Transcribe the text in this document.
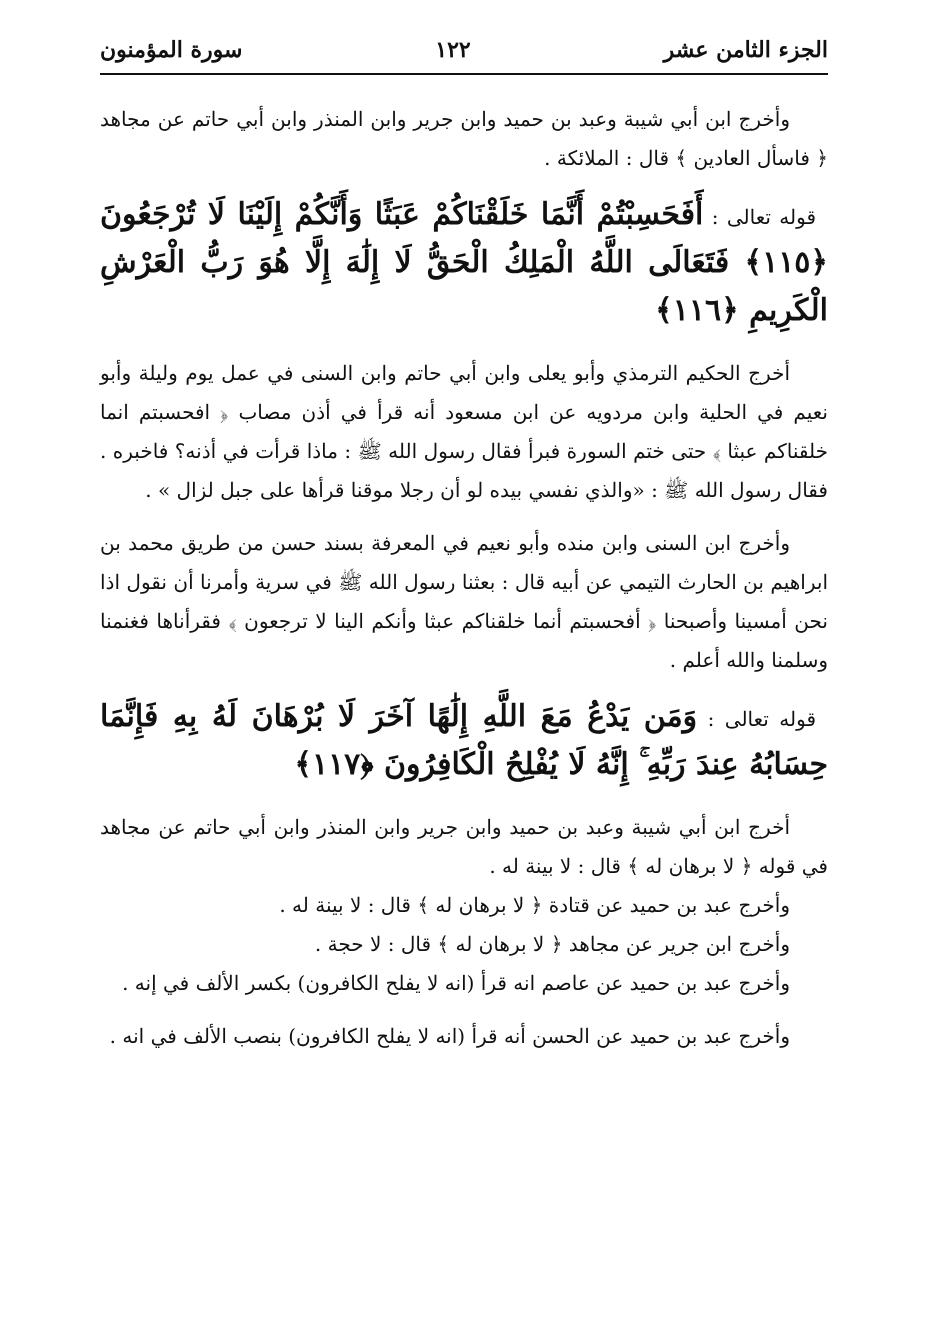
الجزء الثامن عشر
١٢٢
سورة المؤمنون

وأخرج ابن أبي شيبة وعبد بن حميد وابن جرير وابن المنذر وابن أبي حاتم عن مجاهد ﴿ فاسأل العادين ﴾ قال : الملائكة .

قوله تعالى : أَفَحَسِبْتُمْ أَنَّمَا خَلَقْنَاكُمْ عَبَثًا وَأَنَّكُمْ إِلَيْنَا لَا تُرْجَعُونَ ﴿١١٥﴾ فَتَعَالَى اللَّهُ الْمَلِكُ الْحَقُّ لَا إِلَٰهَ إِلَّا هُوَ رَبُّ الْعَرْشِ الْكَرِيمِ ﴿١١٦﴾

أخرج الحكيم الترمذي وأبو يعلى وابن أبي حاتم وابن السنى في عمل يوم وليلة وأبو نعيم في الحلية وابن مردويه عن ابن مسعود أنه قرأ في أذن مصاب ﴿ افحسبتم انما خلقناكم عبثا ﴾ حتى ختم السورة فبرأ فقال رسول الله ﷺ : ماذا قرأت في أذنه؟ فاخبره . فقال رسول الله ﷺ : «والذي نفسي بيده لو أن رجلا موقنا قرأها على جبل لزال » .

وأخرج ابن السنى وابن منده وأبو نعيم في المعرفة بسند حسن من طريق محمد بن ابراهيم بن الحارث التيمي عن أبيه قال : بعثنا رسول الله ﷺ في سرية وأمرنا أن نقول اذا نحن أمسينا وأصبحنا ﴿ أفحسبتم أنما خلقناكم عبثا وأنكم الينا لا ترجعون ﴾ فقرأناها فغنمنا وسلمنا والله أعلم .

قوله تعالى : وَمَن يَدْعُ مَعَ اللَّهِ إِلَٰهًا آخَرَ لَا بُرْهَانَ لَهُ بِهِ فَإِنَّمَا حِسَابُهُ عِندَ رَبِّهِ ۚ إِنَّهُ لَا يُفْلِحُ الْكَافِرُونَ ﴿١١٧﴾

أخرج ابن أبي شيبة وعبد بن حميد وابن جرير وابن المنذر وابن أبي حاتم عن مجاهد في قوله ﴿ لا برهان له ﴾ قال : لا بينة له .

وأخرج عبد بن حميد عن قتادة ﴿ لا برهان له ﴾ قال : لا بينة له .

وأخرج ابن جرير عن مجاهد ﴿ لا برهان له ﴾ قال : لا حجة .

وأخرج عبد بن حميد عن عاصم انه قرأ (انه لا يفلح الكافرون) بكسر الألف في إنه .

وأخرج عبد بن حميد عن الحسن أنه قرأ (انه لا يفلح الكافرون) بنصب الألف في انه .
